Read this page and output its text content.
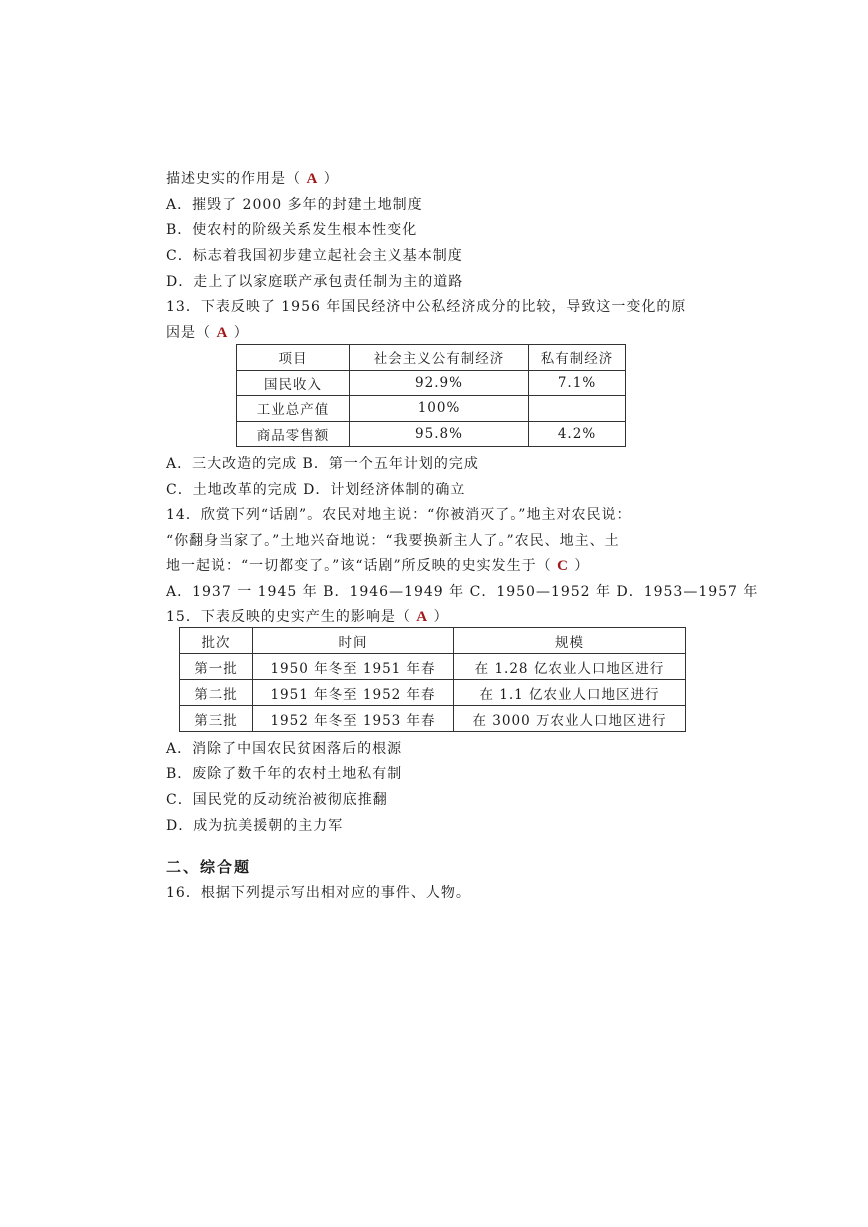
描述史实的作用是（ A ）
A．摧毁了 2000 多年的封建土地制度
B．使农村的阶级关系发生根本性变化
C．标志着我国初步建立起社会主义基本制度
D．走上了以家庭联产承包责任制为主的道路
13．下表反映了 1956 年国民经济中公私经济成分的比较，导致这一变化的原
因是（ A ）
项目	社会主义公有制经济	私有制经济
国民收入	92.9%	7.1%
工业总产值	100%	
商品零售额	95.8%	4.2%
A．三大改造的完成 B．第一个五年计划的完成
C．土地改革的完成 D．计划经济体制的确立
14．欣赏下列“话剧”。农民对地主说：“你被消灭了。”地主对农民说：
“你翻身当家了。”土地兴奋地说：“我要换新主人了。”农民、地主、土
地一起说：“一切都变了。”该“话剧”所反映的史实发生于（ C ）
A．1937 一 1945 年 B．1946—1949 年 C．1950—1952 年 D．1953—1957 年
15．下表反映的史实产生的影响是（ A ）
批次	时间	规模
第一批	1950 年冬至 1951 年春	在 1.28 亿农业人口地区进行
第二批	1951 年冬至 1952 年春	在 1.1 亿农业人口地区进行
第三批	1952 年冬至 1953 年春	在 3000 万农业人口地区进行
A．消除了中国农民贫困落后的根源
B．废除了数千年的农村土地私有制
C．国民党的反动统治被彻底推翻
D．成为抗美援朝的主力军
二、综合题
16．根据下列提示写出相对应的事件、人物。
